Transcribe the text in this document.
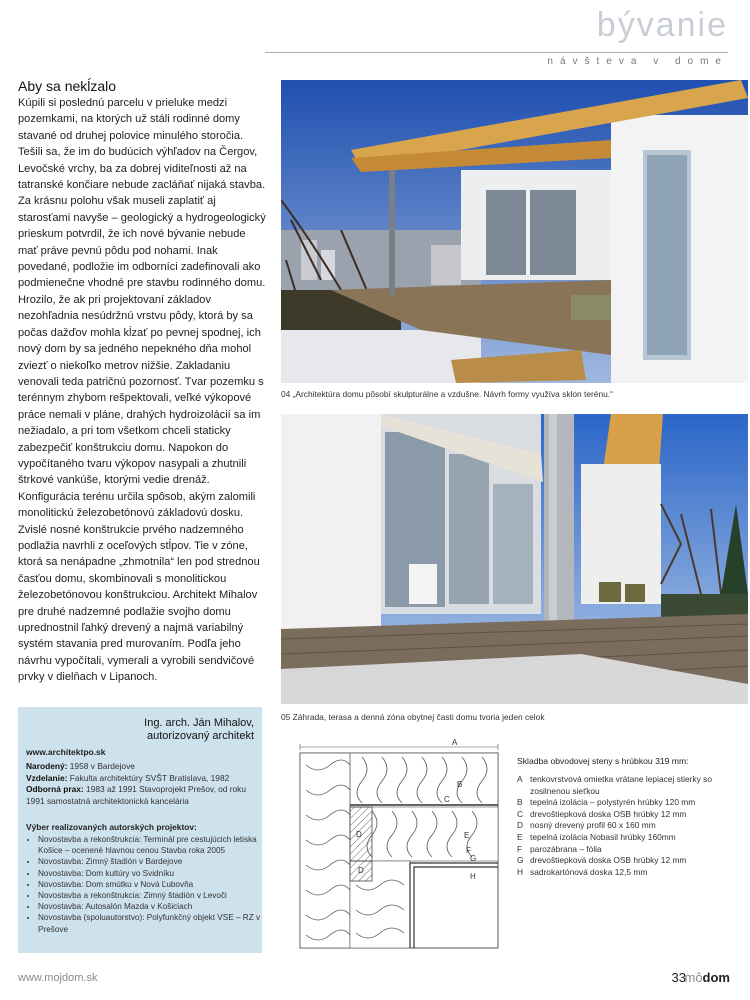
bývanie
návšteva v dome
Aby sa nekĺzalo
Kúpili si poslednú parcelu v prieluke medzi pozemkami, na ktorých už stáli rodinné domy stavané od druhej polovice minulého storočia. Tešili sa, že im do budúcich výhľadov na Čergov, Levočské vrchy, ba za dobrej viditeľnosti až na tatranské končiare nebude zacláňať nijaká stavba. Za krásnu polohu však museli zaplatiť aj starosťami navyše – geologický a hydrogeologický prieskum potvrdil, že ich nové bývanie nebude mať práve pevnú pôdu pod nohami. Inak povedané, podložie im odborníci zadefinovali ako podmienečne vhodné pre stavbu rodinného domu. Hrozilo, že ak pri projektovaní základov nezohľadnia nesúdržnú vrstvu pôdy, ktorá by sa počas dažďov mohla kĺzať po pevnej spodnej, ich nový dom by sa jedného nepekného dňa mohol zviezť o niekoľko metrov nižšie. Zakladaniu venovali teda patričnú pozornosť. Tvar pozemku s terénnym zhybom rešpektovali, veľké výkopové práce nemali v pláne, drahých hydroizolácií sa im nežiadalo, a pri tom všetkom chceli staticky zabezpečiť konštrukciu domu. Napokon do vypočítaného tvaru výkopov nasypali a zhutnili štrkové vankúše, ktorými vedie drenáž. Konfigurácia terénu určila spôsob, akým zalomili monolitickú železobetónovú základovú dosku. Zvislé nosné konštrukcie prvého nadzemného podlažia navrhli z oceľových stĺpov. Tie v zóne, ktorá sa nenápadne „zhmotnila“ len pod strednou časťou domu, skombinovali s monolitickou železobetónovou konštrukciou. Architekt Mihalov pre druhé nadzemné podlažie svojho domu uprednostnil ľahký drevený a najmä variabilný systém stavania pred murovaním. Podľa jeho návrhu vypočítali, vymerali a vyrobili sendvičové prvky v dielňach v Lipanoch.
04 „Architektúra domu pôsobí skulpturálne a vzdušne. Návrh formy využíva sklon terénu.“
05 Záhrada, terasa a denná zóna obytnej časti domu tvoria jeden celok
Ing. arch. Ján Mihalov,
autorizovaný architekt
www.architektpo.sk
Narodený: 1958 v Bardejove
Vzdelanie: Fakulta architektúry SVŠT Bratislava, 1982
Odborná prax: 1983 až 1991 Stavoprojekt Prešov, od roku 1991 samostatná architektonická kancelária
Výber realizovaných autorských projektov:
• Novostavba a rekonštrukcia: Terminál pre cestujúcich letiska Košice – ocenené hlavnou cenou Stavba roka 2005
• Novostavba: Zimný štadión v Bardejove
• Novostavba: Dom kultúry vo Svidníku
• Novostavba: Dom smútku v Nová Ľubovňa
• Novostavba a rekonštrukcia: Zimný štadión v Levoči
• Novostavba: Autosalón Mazda v Košiciach
• Novostavba (spoluautorstvo): Polyfunkčný objekt VSE – RZ v Prešove
A
B
C
D	E
F
G
H
D
Skladba obvodovej steny s hrúbkou 319 mm:
A tenkovrstvová omietka vrátane lepiacej stierky so zosilnenou sieťkou
B tepelná izolácia – polystyrén hrúbky 120 mm
C drevoštiepková doska OSB hrúbky 12 mm
D nosný drevený profil 60 x 160 mm
E tepelná izolácia Nobasil hrúbky 160mm
F parozábrana – fólia
G drevoštiepková doska OSB hrúbky 12 mm
H sadrokartónová doska 12,5 mm
www.mojdom.sk	33
môdom
